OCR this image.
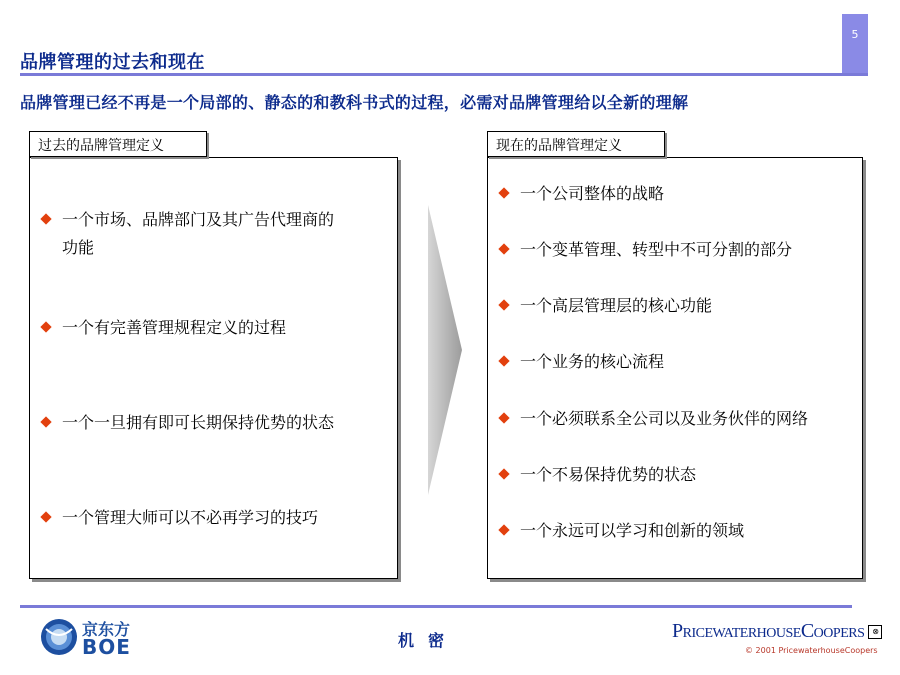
5
品牌管理的过去和现在
品牌管理已经不再是一个局部的、静态的和教科书式的过程，必需对品牌管理给以全新的理解
过去的品牌管理定义
一个市场、品牌部门及其广告代理商的
功能
一个有完善管理规程定义的过程
一个一旦拥有即可长期保持优势的状态
一个管理大师可以不必再学习的技巧
现在的品牌管理定义
一个公司整体的战略
一个变革管理、转型中不可分割的部分
一个高层管理层的核心功能
一个业务的核心流程
一个必须联系全公司以及业务伙伴的网络
一个不易保持优势的状态
一个永远可以学习和创新的领域
京东方
BOE	机密	PricewaterhouseCoopers ⊗
© 2001 PricewaterhouseCoopers
